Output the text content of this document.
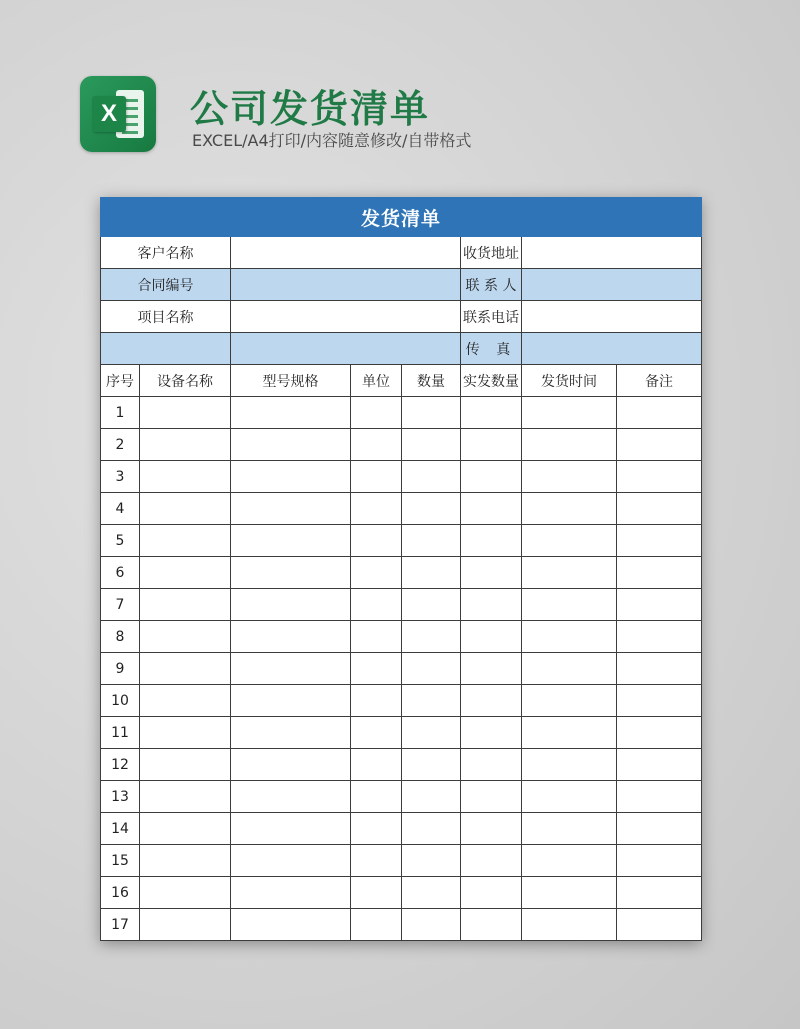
X 公司发货清单

EXCEL/A4打印/内容随意修改/自带格式

发货清单							
客户名称					收货地址		
合同编号					联 系 人		
项目名称					联系电话		
					传 真		
序号	设备名称	型号规格	单位	数量	实发数量	发货时间	备注
1							
2							
3							
4							
5							
6							
7							
8							
9							
10							
11							
12							
13							
14							
15							
16							
17							
